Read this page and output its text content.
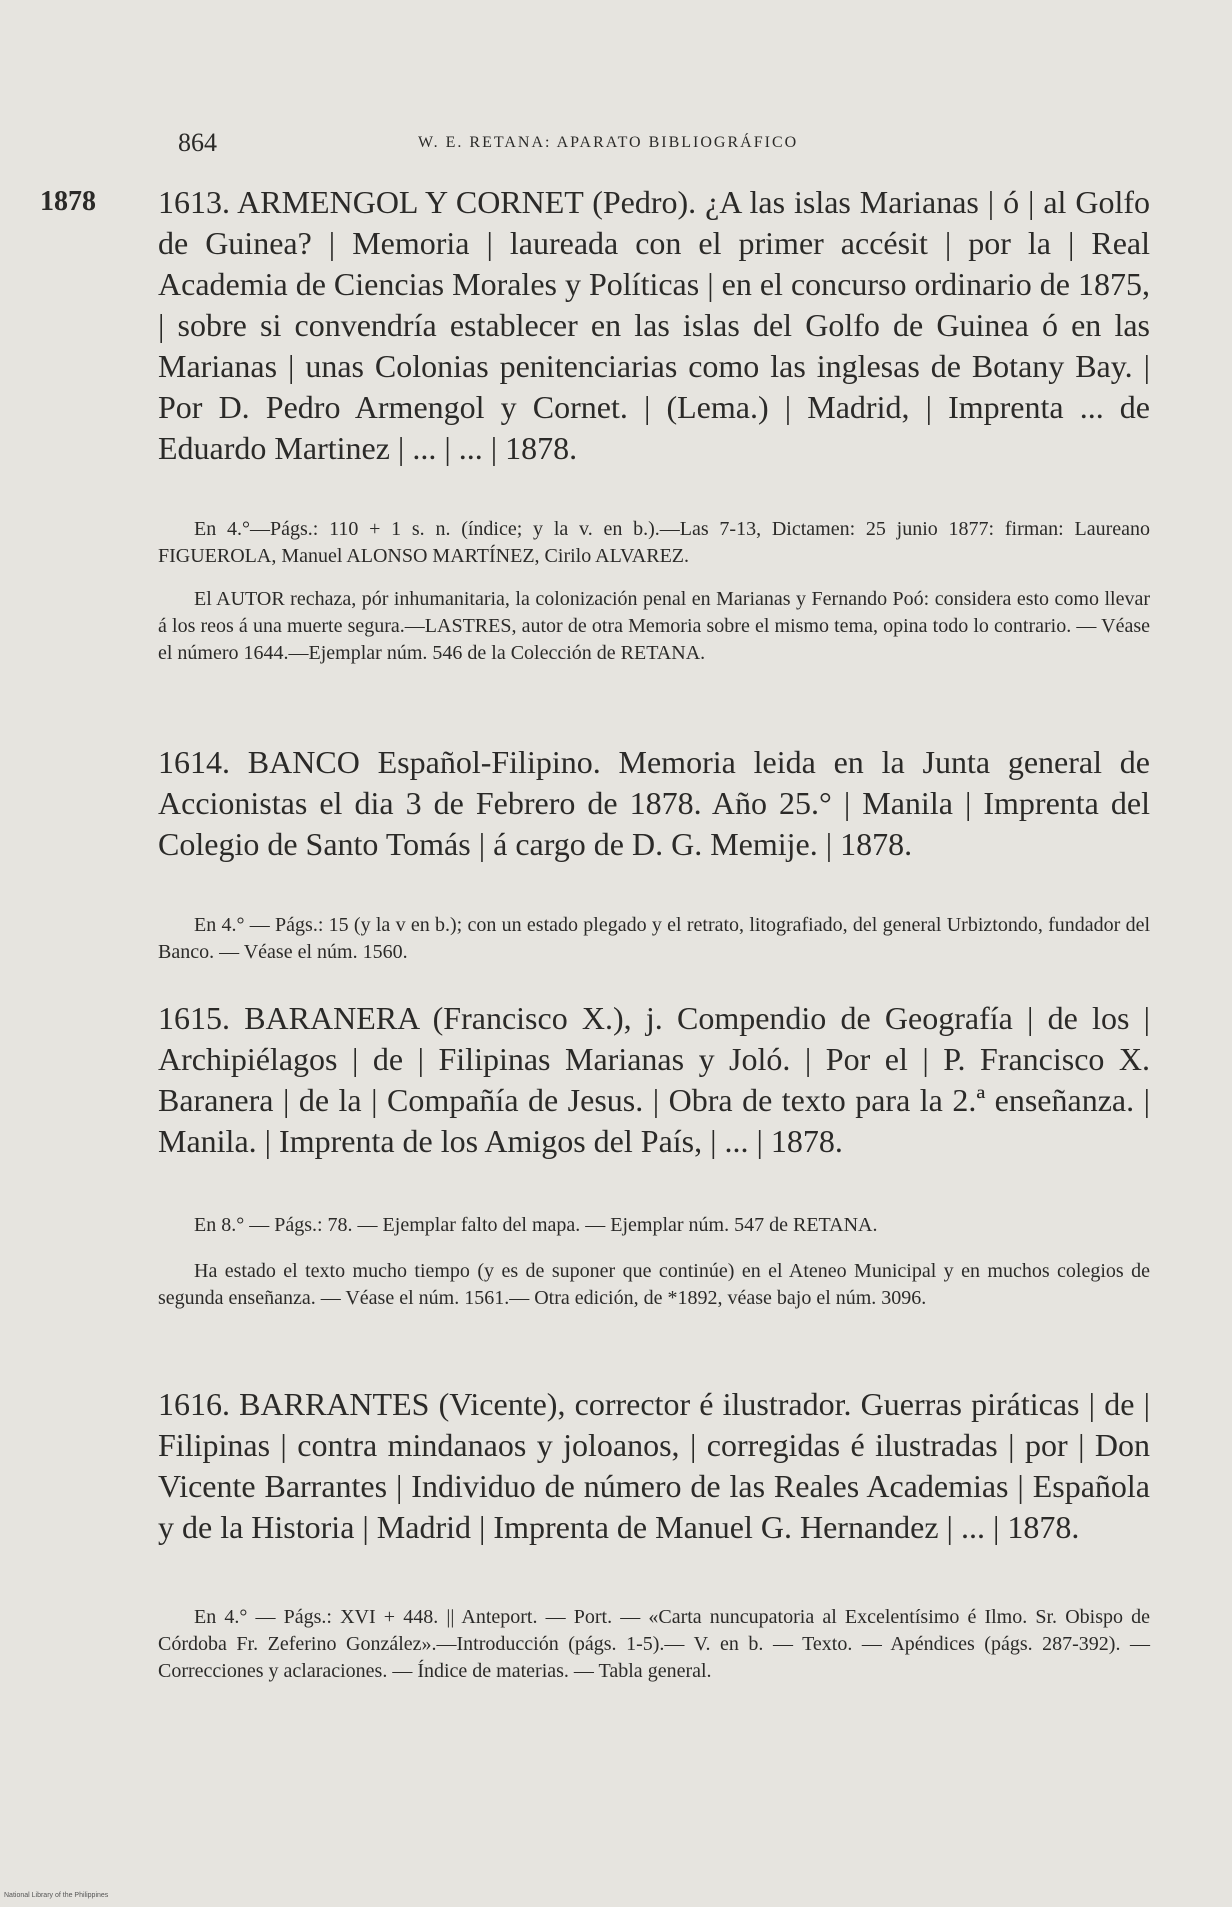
864	W. E. RETANA: APARATO BIBLIOGRÁFICO
1878 1613. ARMENGOL Y CORNET (Pedro). ¿A las islas Marianas | ó | al Golfo de Guinea? | Memoria | laureada con el primer accésit | por la | Real Academia de Ciencias Morales y Políticas | en el concurso ordinario de 1875, | sobre si convendría establecer en las islas del Golfo de Guinea ó en las Marianas | unas Colonias penitenciarias como las inglesas de Botany Bay. | Por D. Pedro Armengol y Cornet. | (Lema.) | Madrid, | Imprenta ... de Eduardo Martinez | ... | ... | 1878.

En 4.°—Págs.: 110 + 1 s. n. (índice; y la v. en b.).—Las 7-13, Dictamen: 25 junio 1877: firman: Laureano FIGUEROLA, Manuel ALONSO MARTÍNEZ, Cirilo ALVAREZ.

El AUTOR rechaza, pór inhumanitaria, la colonización penal en Marianas y Fernando Poó: considera esto como llevar á los reos á una muerte segura.—LASTRES, autor de otra Memoria sobre el mismo tema, opina todo lo contrario. — Véase el número 1644.—Ejemplar núm. 546 de la Colección de RETANA.

1614. BANCO Español-Filipino. Memoria leida en la Junta general de Accionistas el dia 3 de Febrero de 1878. Año 25.° | Manila | Imprenta del Colegio de Santo Tomás | á cargo de D. G. Memije. | 1878.

En 4.° — Págs.: 15 (y la v en b.); con un estado plegado y el retrato, litografiado, del general Urbiztondo, fundador del Banco. — Véase el núm. 1560.

1615. BARANERA (Francisco X.), j. Compendio de Geografía | de los | Archipiélagos | de | Filipinas Marianas y Joló. | Por el | P. Francisco X. Baranera | de la | Compañía de Jesus. | Obra de texto para la 2.ª enseñanza. | Manila. | Imprenta de los Amigos del País, | ... | 1878.

En 8.° — Págs.: 78. — Ejemplar falto del mapa. — Ejemplar núm. 547 de RETANA.

Ha estado el texto mucho tiempo (y es de suponer que continúe) en el Ateneo Municipal y en muchos colegios de segunda enseñanza. — Véase el núm. 1561.— Otra edición, de *1892, véase bajo el núm. 3096.

1616. BARRANTES (Vicente), corrector é ilustrador. Guerras piráticas | de | Filipinas | contra mindanaos y joloanos, | corregidas é ilustradas | por | Don Vicente Barrantes | Individuo de número de las Reales Academias | Española y de la Historia | Madrid | Imprenta de Manuel G. Hernandez | ... | 1878.

En 4.° — Págs.: XVI + 448. || Anteport. — Port. — «Carta nuncupatoria al Excelentísimo é Ilmo. Sr. Obispo de Córdoba Fr. Zeferino González».—Introducción (págs. 1-5).— V. en b. — Texto. — Apéndices (págs. 287-392). — Correcciones y aclaraciones. — Índice de materias. — Tabla general.

National Library of the Philippines
